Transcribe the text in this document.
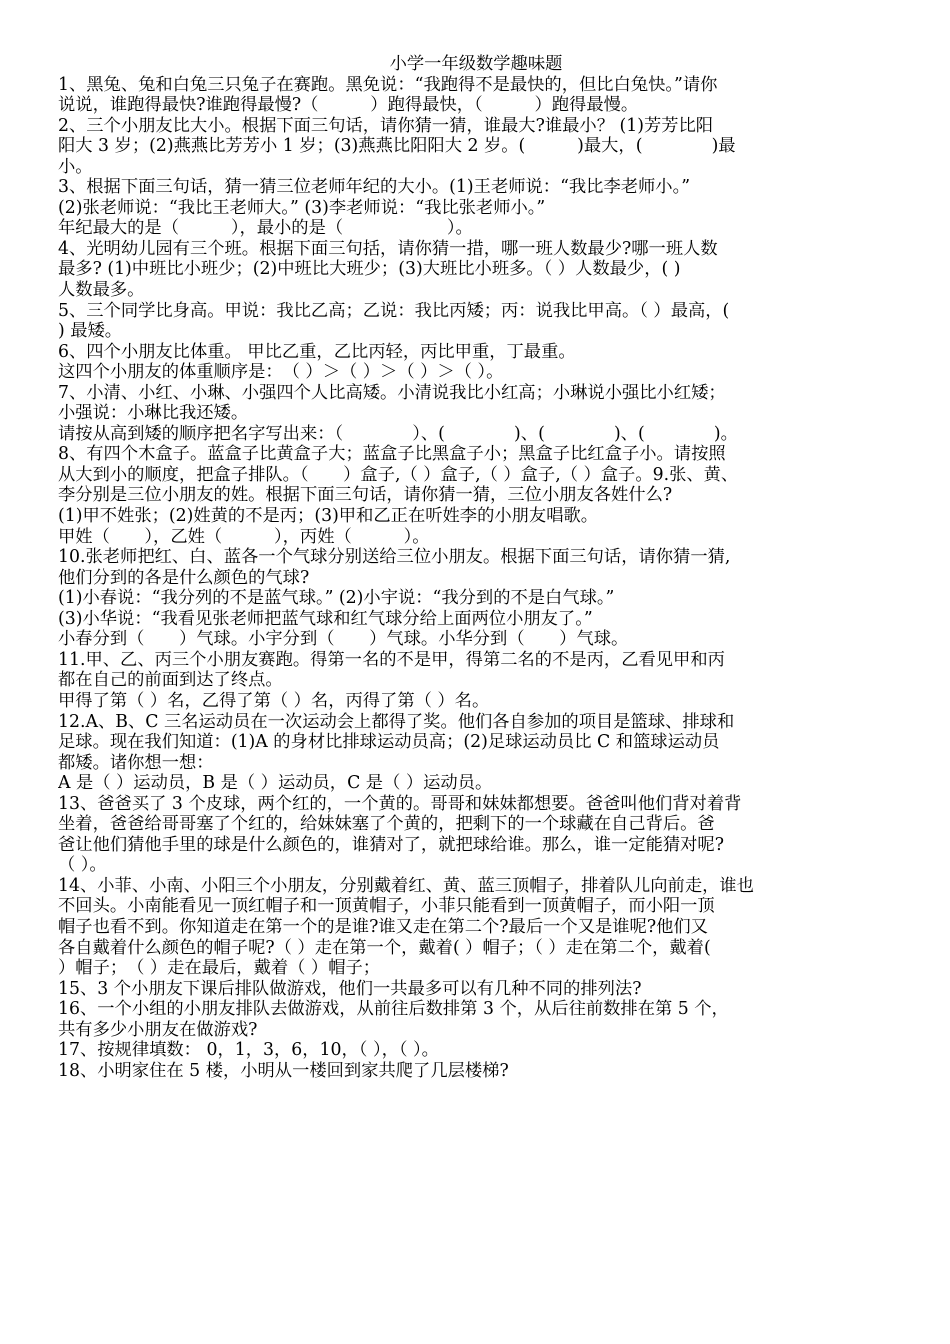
小学一年级数学趣味题

1、黑兔、兔和白兔三只兔子在赛跑。黑免说：“我跑得不是最快的，但比白兔快。”请你

说说，谁跑得最快?谁跑得最慢?（　　　）跑得最快，（　　　）跑得最慢。

2、三个小朋友比大小。根据下面三句话，请你猜一猜，谁最大?谁最小？ (1)芳芳比阳

阳大 3 岁；(2)燕燕比芳芳小 1 岁；(3)燕燕比阳阳大 2 岁。(　　　)最大，(　　　　)最

小。

3、根据下面三句话，猜一猜三位老师年纪的大小。(1)王老师说：“我比李老师小。”

(2)张老师说：“我比王老师大。” (3)李老师说：“我比张老师小。”

年纪最大的是（　　　），最小的是（　　　　　　）。

4、光明幼儿园有三个班。根据下面三句括，请你猜一措，哪一班人数最少?哪一班人数

最多? (1)中班比小班少；(2)中班比大班少；(3)大班比小班多。（ ）人数最少，( )

人数最多。

5、三个同学比身高。甲说：我比乙高；乙说：我比丙矮；丙：说我比甲高。（ ）最高，(

) 最矮。

6、四个小朋友比体重。 甲比乙重，乙比丙轻，丙比甲重，丁最重。

这四个小朋友的体重顺序是：　（ ）＞（ ）＞（ ）＞（ ）。

7、小清、小红、小琳、小强四个人比高矮。小清说我比小红高；小琳说小强比小红矮；

小强说：小琳比我还矮。

请按从高到矮的顺序把名字写出来：（　　　　）、(　　　　)、(　　　　)、(　　　　)。

8、有四个木盒子。蓝盒子比黄盒子大；蓝盒子比黑盒子小；黑盒子比红盒子小。请按照

从大到小的顺度，把盒子排队。（　　）盒子,（ ）盒子,（ ）盒子,（ ）盒子。9.张、黄、

李分别是三位小朋友的姓。根据下面三句话，请你猜一猜，三位小朋友各姓什么?

(1)甲不姓张；(2)姓黄的不是丙；(3)甲和乙正在听姓李的小朋友唱歌。

甲姓（　　），乙姓（　　　），丙姓（　　　）。

10.张老师把红、白、蓝各一个气球分别送给三位小朋友。根据下面三句话，请你猜一猜,

他们分到的各是什么颜色的气球?

(1)小春说：“我分列的不是蓝气球。” (2)小宇说：“我分到的不是白气球。”

(3)小华说：“我看见张老师把蓝气球和红气球分给上面两位小朋友了。”

小春分到（　　）气球。小宇分到（　　）气球。小华分到（　　）气球。

11.甲、乙、丙三个小朋友赛跑。得第一名的不是甲，得第二名的不是丙，乙看见甲和丙

都在自己的前面到达了终点。

甲得了第（ ）名，乙得了第（ ）名，丙得了第（ ）名。

12.A、B、C 三名运动员在一次运动会上都得了奖。他们各自参加的项目是篮球、排球和

足球。现在我们知道：(1)A 的身材比排球运动员高；(2)足球运动员比 C 和篮球运动员

都矮。诸你想一想：

A 是（ ）运动员，B 是（ ）运动员，C 是（ ）运动员。

13、爸爸买了 3 个皮球，两个红的，一个黄的。哥哥和妹妹都想要。爸爸叫他们背对着背

坐着，爸爸给哥哥塞了个红的，给妹妹塞了个黄的，把剩下的一个球藏在自己背后。爸

爸让他们猜他手里的球是什么颜色的，谁猜对了，就把球给谁。那么，谁一定能猜对呢?

（ ）。

14、小菲、小南、小阳三个小朋友，分别戴着红、黄、蓝三顶帽子，排着队儿向前走，谁也

不回头。小南能看见一顶红帽子和一顶黄帽子，小菲只能看到一顶黄帽子，而小阳一顶

帽子也看不到。你知道走在第一个的是谁?谁又走在第二个?最后一个又是谁呢?他们又

各自戴着什么颜色的帽子呢?（ ）走在第一个，戴着( ）帽子；（ ）走在第二个，戴着(

）帽子；　（ ）走在最后，戴着（ ）帽子；

15、3 个小朋友下课后排队做游戏，他们一共最多可以有几种不同的排列法?

16、一个小组的小朋友排队去做游戏，从前往后数排第 3 个，从后往前数排在第 5 个，

共有多少小朋友在做游戏?

17、按规律填数： 0，1，3，6，10，（ ），（ ）。

18、小明家住在 5 楼，小明从一楼回到家共爬了几层楼梯?
